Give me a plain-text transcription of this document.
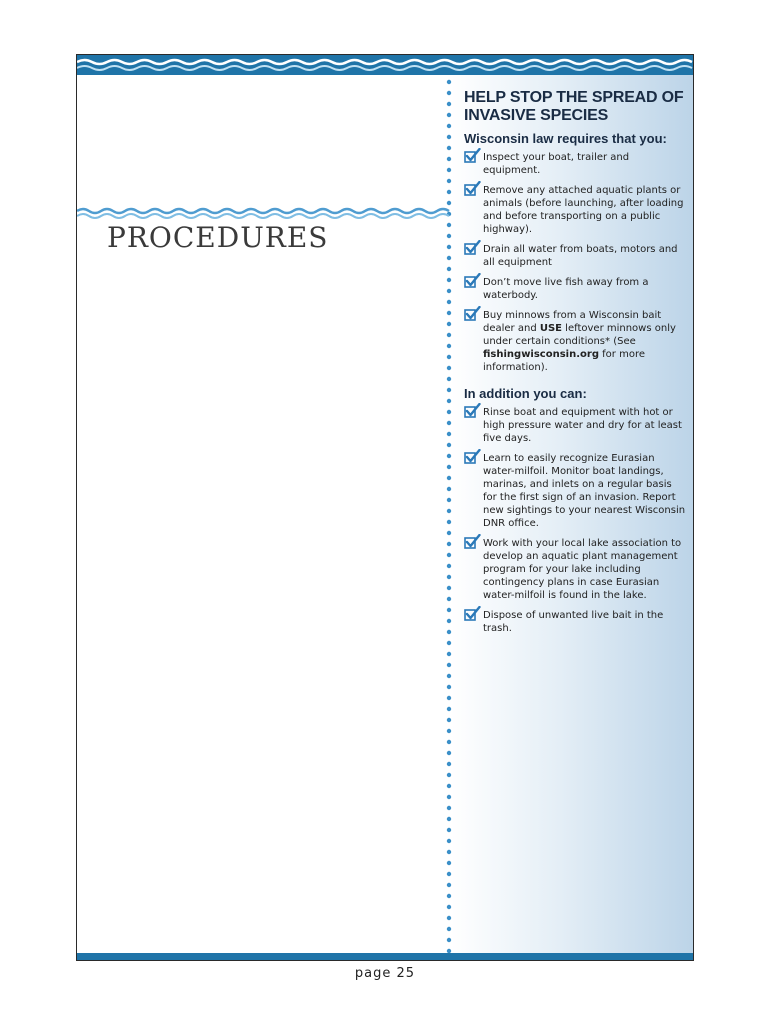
PROCEDURES
HELP STOP THE SPREAD OF INVASIVE SPECIES

Wisconsin law requires that you:

Inspect your boat, trailer and equipment.
Remove any attached aquatic plants or animals (before launching, after loading and before transporting on a public highway).
Drain all water from boats, motors and all equipment
Don’t move live fish away from a waterbody.
Buy minnows from a Wisconsin bait dealer and USE leftover minnows only under certain conditions* (See fishingwisconsin.org for more information).

In addition you can:

Rinse boat and equipment with hot or high pressure water and dry for at least five days.
Learn to easily recognize Eurasian water-milfoil. Monitor boat landings, marinas, and inlets on a regular basis for the first sign of an invasion. Report new sightings to your nearest Wisconsin DNR office.
Work with your local lake association to develop an aquatic plant management program for your lake including contingency plans in case Eurasian water-milfoil is found in the lake.
Dispose of unwanted live bait in the trash.
page 25
